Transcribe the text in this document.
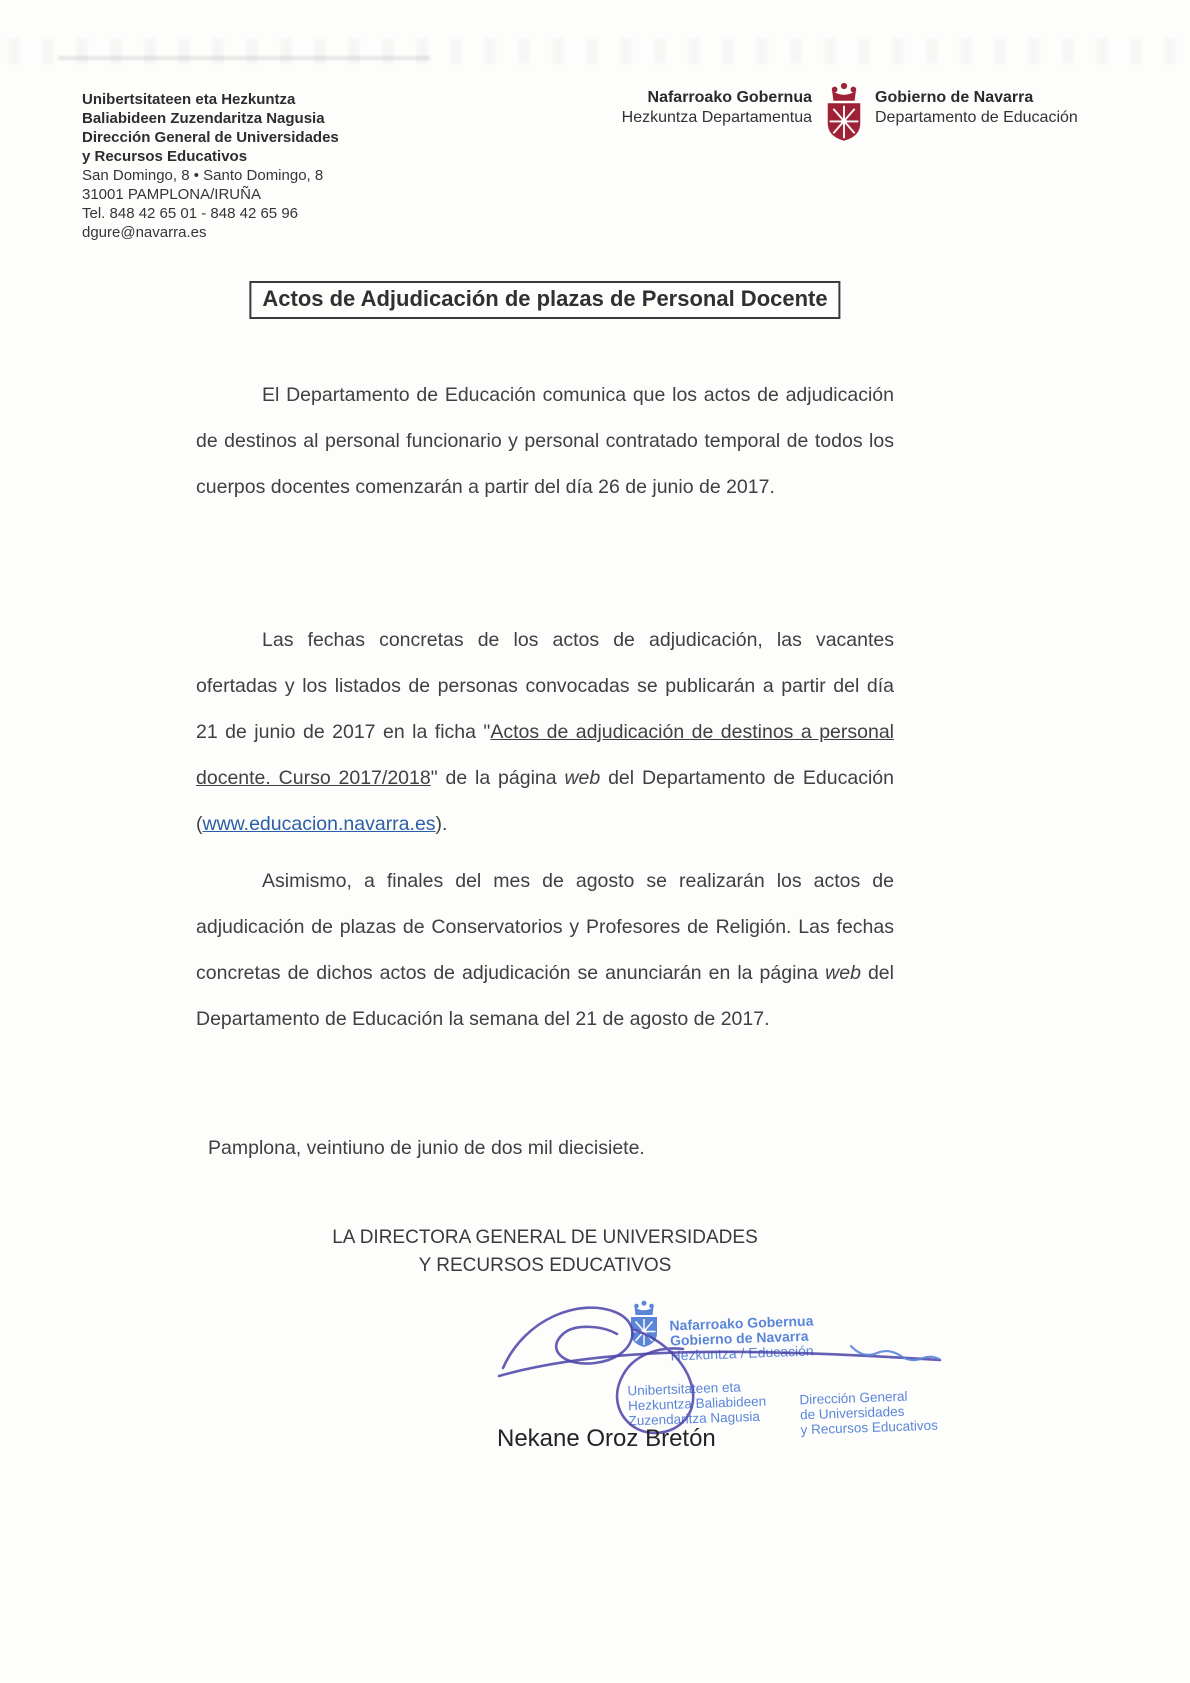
Unibertsitateen eta Hezkuntza
Baliabideen Zuzendaritza Nagusia
Dirección General de Universidades
y Recursos Educativos
San Domingo, 8 • Santo Domingo, 8
31001 PAMPLONA/IRUÑA
Tel. 848 42 65 01 - 848 42 65 96
dgure@navarra.es
Nafarroako Gobernua
Hezkuntza Departamentua
Gobierno de Navarra
Departamento de Educación
Actos de Adjudicación de plazas de Personal Docente

El Departamento de Educación comunica que los actos de adjudicación de destinos al personal funcionario y personal contratado temporal de todos los cuerpos docentes comenzarán a partir del día 26 de junio de 2017.

Las fechas concretas de los actos de adjudicación, las vacantes ofertadas y los listados de personas convocadas se publicarán a partir del día 21 de junio de 2017 en la ficha "Actos de adjudicación de destinos a personal docente. Curso 2017/2018" de la página web del Departamento de Educación (www.educacion.navarra.es).

Asimismo, a finales del mes de agosto se realizarán los actos de adjudicación de plazas de Conservatorios y Profesores de Religión. Las fechas concretas de dichos actos de adjudicación se anunciarán en la página web del Departamento de Educación la semana del 21 de agosto de 2017.

Pamplona, veintiuno de junio de dos mil diecisiete.

LA DIRECTORA GENERAL DE UNIVERSIDADES
Y RECURSOS EDUCATIVOS
Nafarroako Gobernua
Gobierno de Navarra
Hezkuntza / Educación
Unibertsitateen eta
Hezkuntza Baliabideen
Zuzendaritza Nagusia
Dirección General
de Universidades
y Recursos Educativos
Nekane Oroz Bretón
